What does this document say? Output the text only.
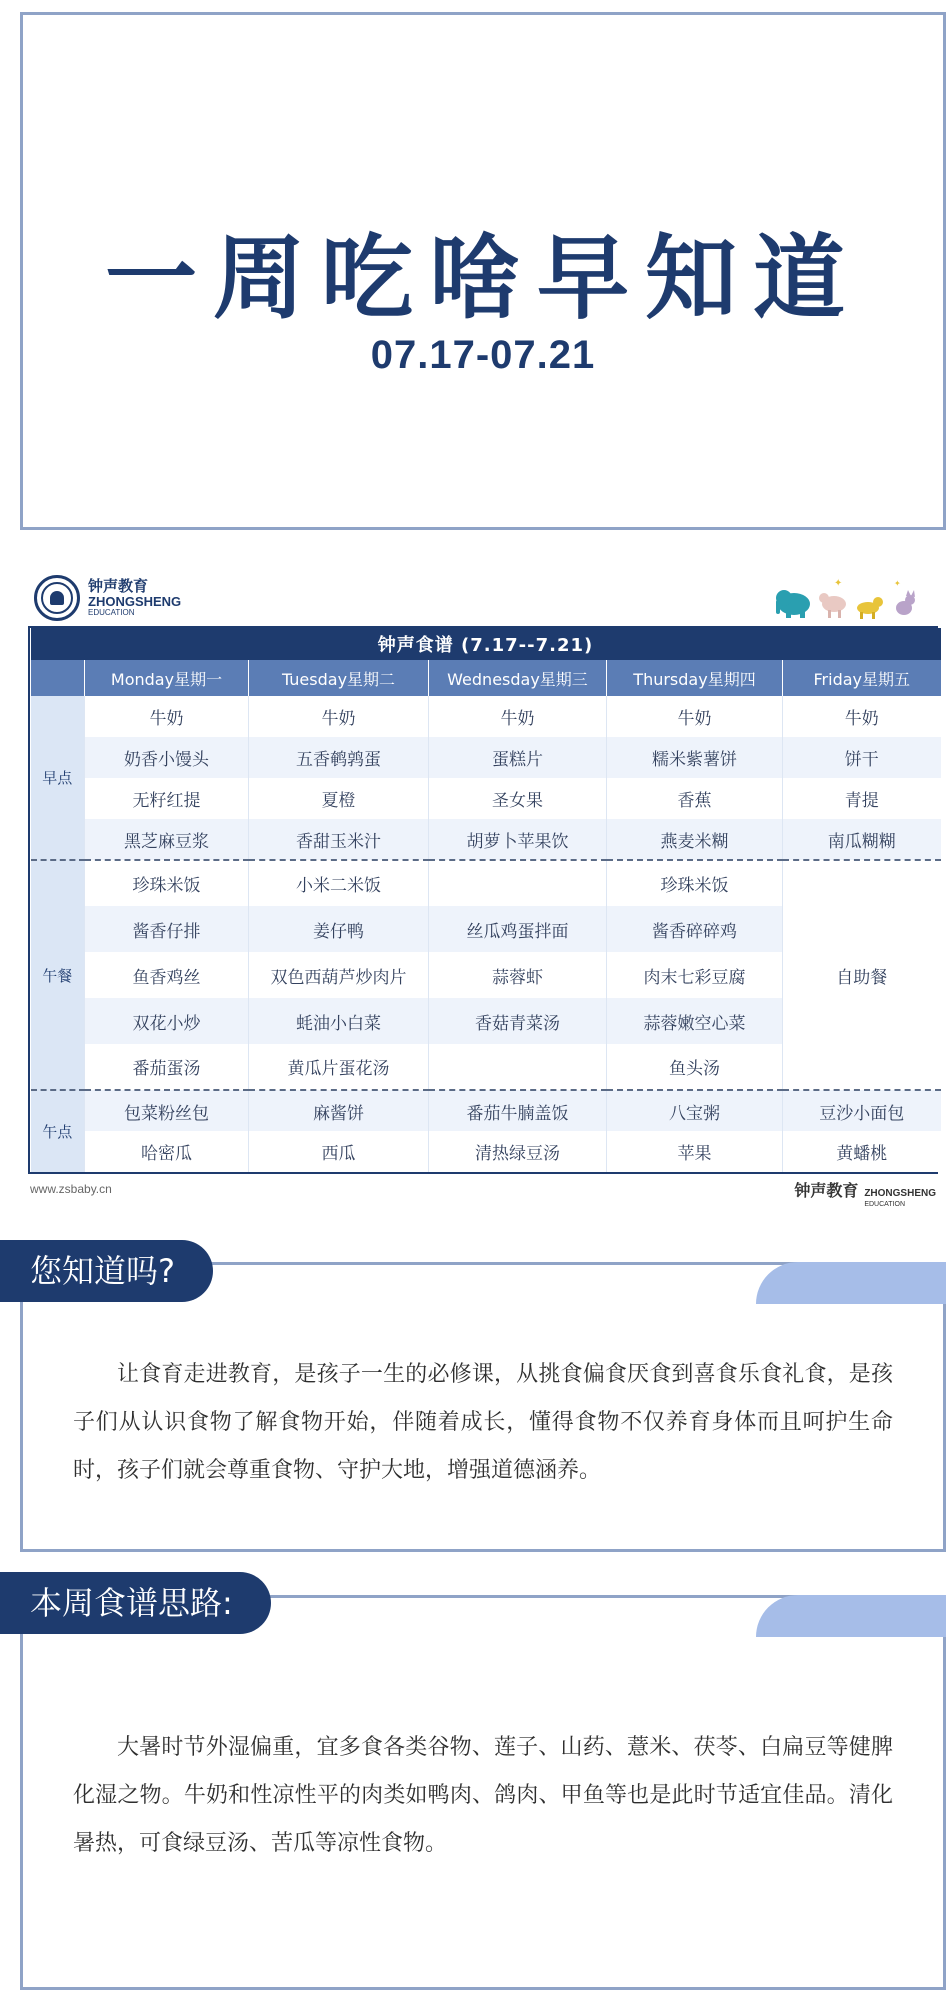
一周吃啥早知道
07.17-07.21
钟声教育
ZHONGSHENG
EDUCATION
✦	✦
钟声食谱 (7.17--7.21)					
	Monday星期一	Tuesday星期二	Wednesday星期三	Thursday星期四	Friday星期五
早点	牛奶	牛奶	牛奶	牛奶	牛奶
	奶香小馒头	五香鹌鹑蛋	蛋糕片	糯米紫薯饼	饼干
	无籽红提	夏橙	圣女果	香蕉	青提
	黑芝麻豆浆	香甜玉米汁	胡萝卜苹果饮	燕麦米糊	南瓜糊糊
午餐	珍珠米饭	小米二米饭		珍珠米饭	自助餐
	酱香仔排	姜仔鸭	丝瓜鸡蛋拌面	酱香碎碎鸡	
	鱼香鸡丝	双色西葫芦炒肉片	蒜蓉虾	肉末七彩豆腐	
	双花小炒	蚝油小白菜	香菇青菜汤	蒜蓉嫩空心菜	
	番茄蛋汤	黄瓜片蛋花汤		鱼头汤	
午点	包菜粉丝包	麻酱饼	番茄牛腩盖饭	八宝粥	豆沙小面包
	哈密瓜	西瓜	清热绿豆汤	苹果	黄蟠桃
www.zsbaby.cn	钟声教育 ZHONGSHENG
EDUCATION

让食育走进教育，是孩子一生的必修课，从挑食偏食厌食到喜食乐食礼食，是孩子们从认识食物了解食物开始，伴随着成长，懂得食物不仅养育身体而且呵护生命时，孩子们就会尊重食物、守护大地，增强道德涵养。

您知道吗?

大暑时节外湿偏重，宜多食各类谷物、莲子、山药、薏米、茯苓、白扁豆等健脾化湿之物。牛奶和性凉性平的肉类如鸭肉、鸽肉、甲鱼等也是此时节适宜佳品。清化暑热，可食绿豆汤、苦瓜等凉性食物。

本周食谱思路:
